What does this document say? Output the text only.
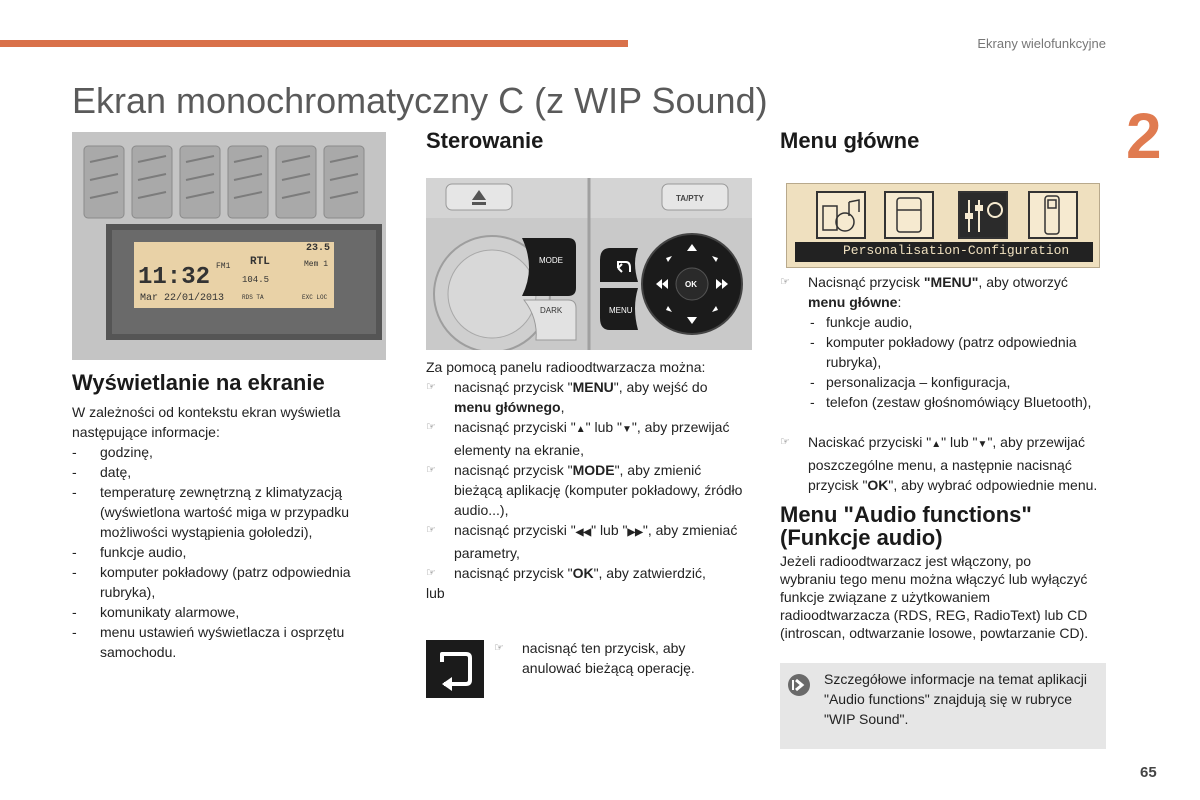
Ekrany wielofunkcyjne
2
Ekran monochromatyczny C (z WIP Sound)
11:32
Mar 22/01/2013
RTL
FM1
104.5
23.5
Mem 1
RDS TA	EXC LOC
Wyświetlanie na ekranie
W zależności od kontekstu ekran wyświetla następujące informacje:
- godzinę,
- datę,
- temperaturę zewnętrzną z klimatyzacją (wyświetlona wartość miga w przypadku możliwości wystąpienia gołoledzi),
- funkcje audio,
- komputer pokładowy (patrz odpowiednia rubryka),
- komunikaty alarmowe,
- menu ustawień wyświetlacza i osprzętu samochodu.
Sterowanie
TA/PTY
MODE
DARK	MENU
OK
Za pomocą panelu radioodtwarzacza można:
☞ nacisnąć przycisk "MENU", aby wejść do menu głównego,
☞ nacisnąć przyciski "▲" lub "▼", aby przewijać elementy na ekranie,
☞ nacisnąć przycisk "MODE", aby zmienić bieżącą aplikację (komputer pokładowy, źródło audio...),
☞ nacisnąć przyciski "◀◀" lub "▶▶", aby zmieniać parametry,
☞ nacisnąć przycisk "OK", aby zatwierdzić,
lub
☞ nacisnąć ten przycisk, aby anulować bieżącą operację.
Menu główne
Personalisation-Configuration
☞ Nacisnąć przycisk "MENU", aby otworzyć
menu główne:
- funkcje audio,
- komputer pokładowy (patrz odpowiednia rubryka),
- personalizacja – konfiguracja,
- telefon (zestaw głośnomówiący Bluetooth),
☞ Naciskać przyciski "▲" lub "▼", aby przewijać poszczególne menu, a następnie nacisnąć przycisk "OK", aby wybrać odpowiednie menu.
Menu "Audio functions"
(Funkcje audio)
Jeżeli radioodtwarzacz jest włączony, po wybraniu tego menu można włączyć lub wyłączyć funkcje związane z użytkowaniem radioodtwarzacza (RDS, REG, RadioText) lub CD (introscan, odtwarzanie losowe, powtarzanie CD).
Szczegółowe informacje na temat aplikacji "Audio functions" znajdują się w rubryce "WIP Sound".
65
